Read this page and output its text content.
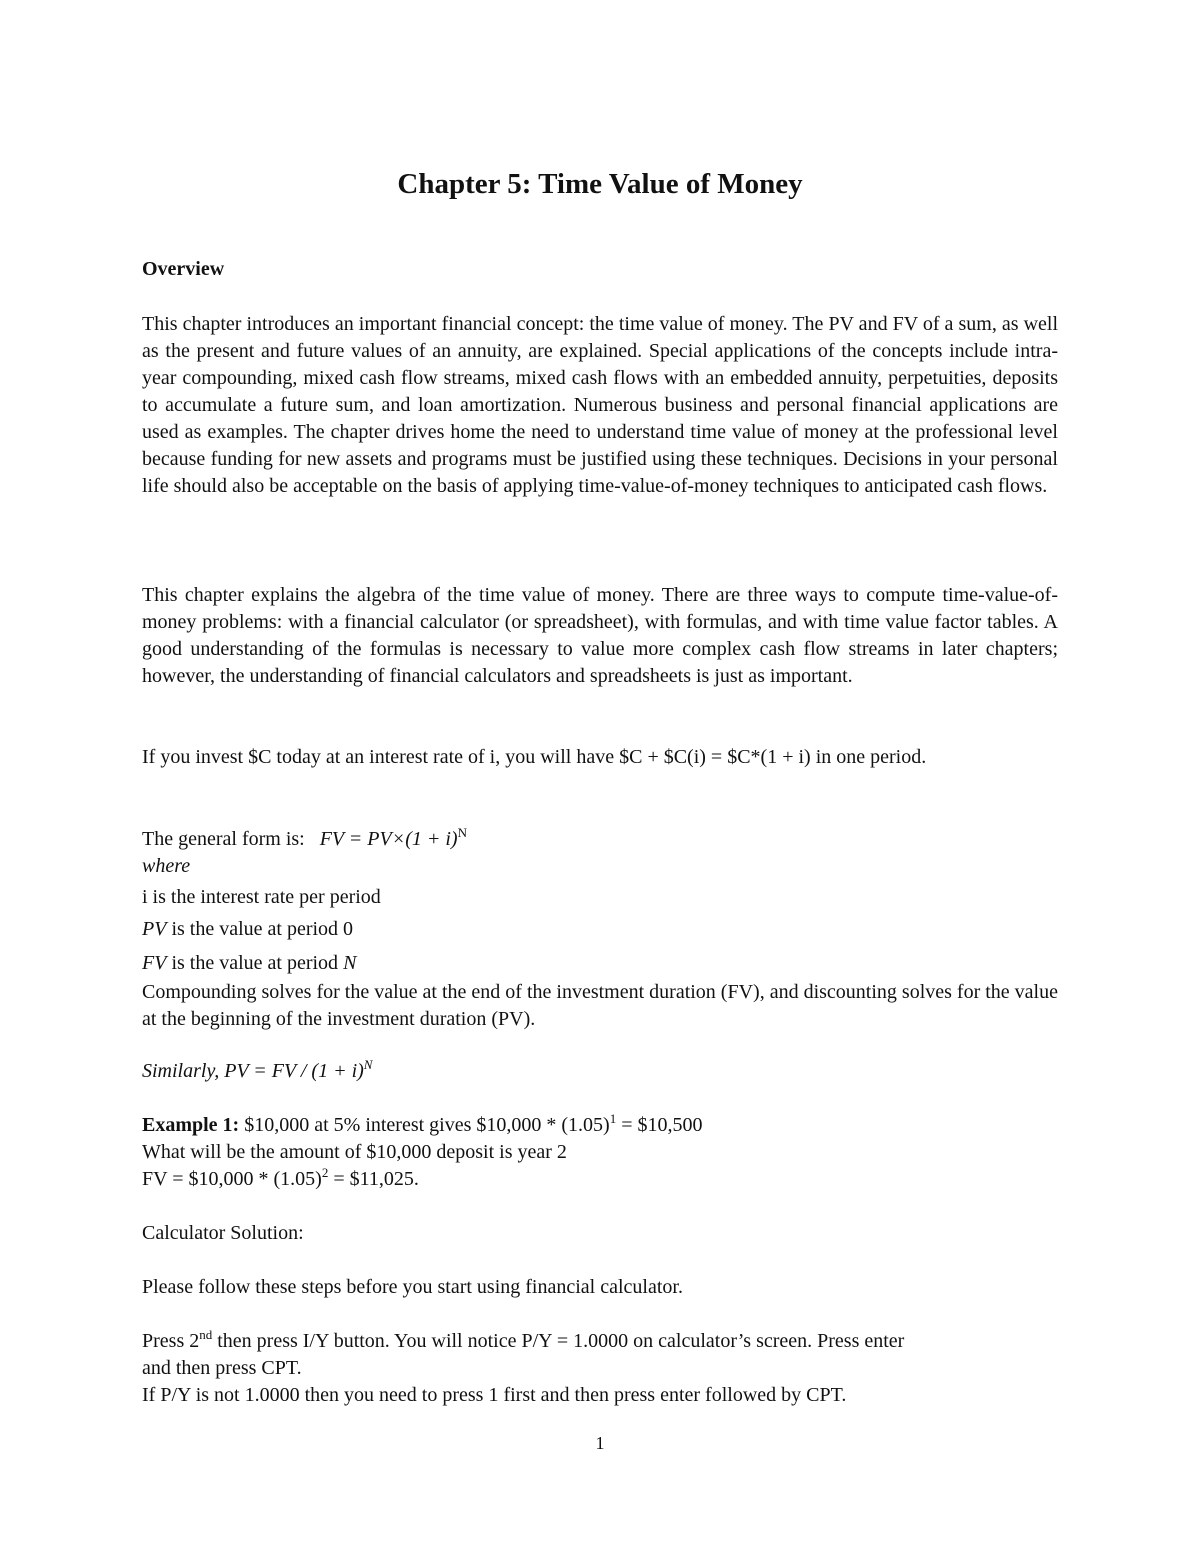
Chapter 5: Time Value of Money
Overview

This chapter introduces an important financial concept: the time value of money. The PV and FV of a sum, as well as the present and future values of an annuity, are explained. Special applications of the concepts include intra-year compounding, mixed cash flow streams, mixed cash flows with an embedded annuity, perpetuities, deposits to accumulate a future sum, and loan amortization. Numerous business and personal financial applications are used as examples. The chapter drives home the need to understand time value of money at the professional level because funding for new assets and programs must be justified using these techniques. Decisions in your personal life should also be acceptable on the basis of applying time-value-of-money techniques to anticipated cash flows.

This chapter explains the algebra of the time value of money. There are three ways to compute time-value-of-money problems: with a financial calculator (or spreadsheet), with formulas, and with time value factor tables. A good understanding of the formulas is necessary to value more complex cash flow streams in later chapters; however, the understanding of financial calculators and spreadsheets is just as important.

If you invest $C today at an interest rate of i, you will have $C + $C(i) = $C*(1 + i) in one period.

The general form is: FV = $PV\times(1 + i)^N$

where

i is the interest rate per period

PV is the value at period 0

FV is the value at period N

Compounding solves for the value at the end of the investment duration (FV), and discounting solves for the value at the beginning of the investment duration (PV).

Similarly, PV = FV / $(1 + i)^N$

Example 1: $10,000 at 5% interest gives $10,000 * $(1.05)^1$ = $10,500

What will be the amount of $10,000 deposit is year 2

FV = $10,000 * $(1.05)^2$ = $11,025.

Calculator Solution:

Please follow these steps before you start using financial calculator.

Press 2nd then press I/Y button. You will notice P/Y = 1.0000 on calculator’s screen. Press enter

and then press CPT.

If P/Y is not 1.0000 then you need to press 1 first and then press enter followed by CPT.

1
